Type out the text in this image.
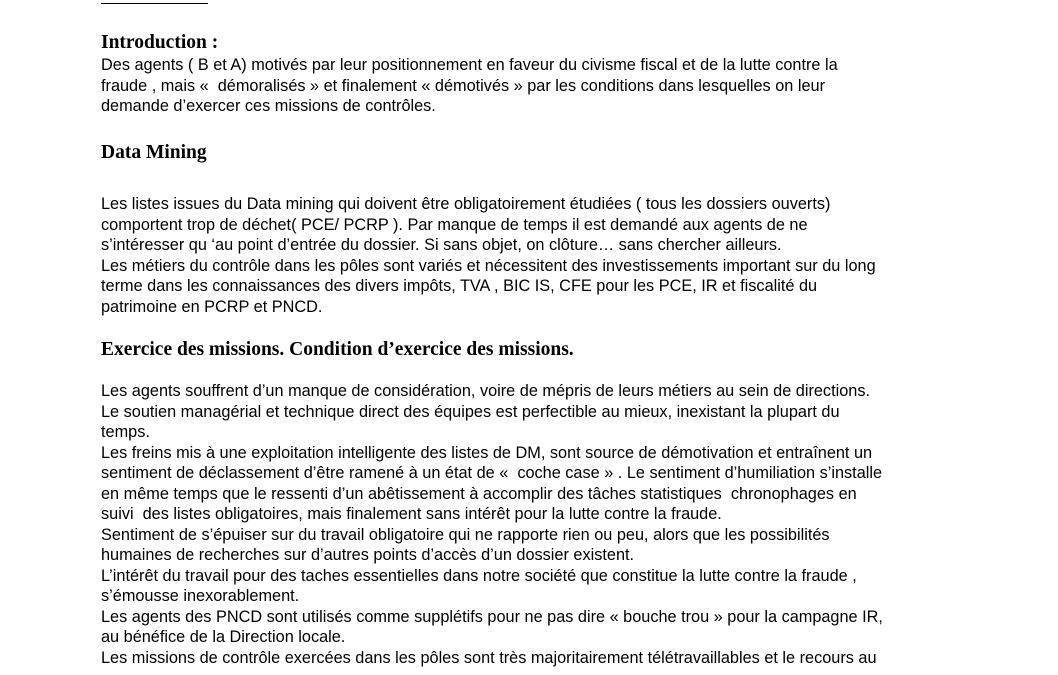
Introduction :
Des agents ( B et A) motivés par leur positionnement en faveur du civisme fiscal et de la lutte contre la
fraude , mais «  démoralisés » et finalement « démotivés » par les conditions dans lesquelles on leur
demande d’exercer ces missions de contrôles.
Data Mining
Les listes issues du Data mining qui doivent être obligatoirement étudiées ( tous les dossiers ouverts)
comportent trop de déchet( PCE/ PCRP ). Par manque de temps il est demandé aux agents de ne
s’intéresser qu ‘au point d’entrée du dossier. Si sans objet, on clôture… sans chercher ailleurs.
Les métiers du contrôle dans les pôles sont variés et nécessitent des investissements important sur du long
terme dans les connaissances des divers impôts, TVA , BIC IS, CFE pour les PCE, IR et fiscalité du
patrimoine en PCRP et PNCD.
Exercice des missions. Condition d’exercice des missions.
Les agents souffrent d’un manque de considération, voire de mépris de leurs métiers au sein de directions.
Le soutien managérial et technique direct des équipes est perfectible au mieux, inexistant la plupart du
temps.
Les freins mis à une exploitation intelligente des listes de DM, sont source de démotivation et entraînent un
sentiment de déclassement d’être ramené à un état de «  coche case » . Le sentiment d’humiliation s’installe
en même temps que le ressenti d’un abêtissement à accomplir des tâches statistiques  chronophages en
suivi  des listes obligatoires, mais finalement sans intérêt pour la lutte contre la fraude.
Sentiment de s’épuiser sur du travail obligatoire qui ne rapporte rien ou peu, alors que les possibilités
humaines de recherches sur d’autres points d’accès d’un dossier existent.
L’intérêt du travail pour des taches essentielles dans notre société que constitue la lutte contre la fraude ,
s’émousse inexorablement.
Les agents des PNCD sont utilisés comme supplétifs pour ne pas dire « bouche trou » pour la campagne IR,
au bénéfice de la Direction locale.
Les missions de contrôle exercées dans les pôles sont très majoritairement télétravaillables et le recours au
